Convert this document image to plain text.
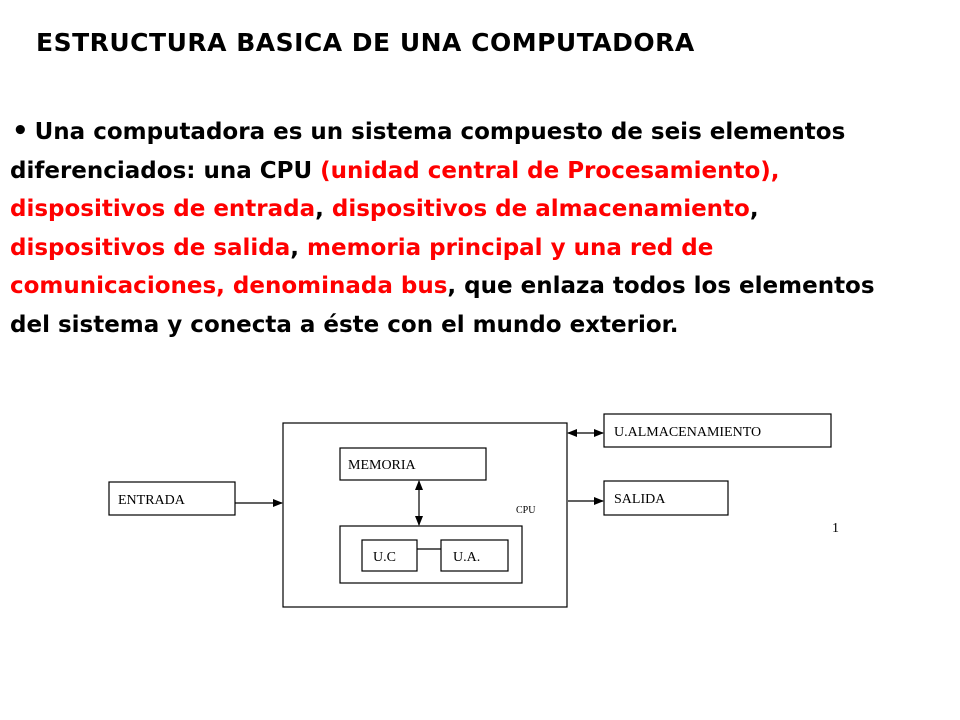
ESTRUCTURA BASICA DE UNA COMPUTADORA

• Una computadora es un sistema compuesto de seis elementos diferenciados: una CPU (unidad central de Procesamiento), dispositivos de entrada, dispositivos de almacenamiento, dispositivos de salida, memoria principal y una red de comunicaciones, denominada bus, que enlaza todos los elementos del sistema y conecta a éste con el mundo exterior.

CPU
MEMORIA
U.C	U.A.
ENTRADA
U.ALMACENAMIENTO
SALIDA
1
